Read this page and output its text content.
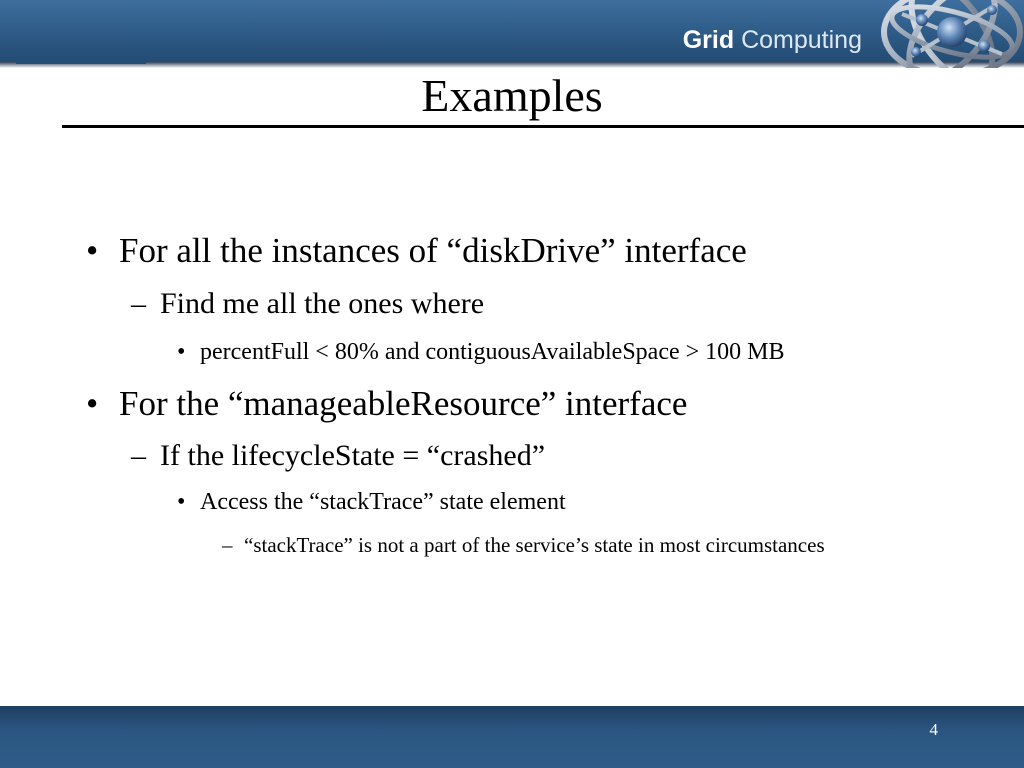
Grid Computing
Examples
• For all the instances of “diskDrive” interface
– Find me all the ones where
• percentFull < 80% and contiguousAvailableSpace > 100 MB
• For the “manageableResource” interface
– If the lifecycleState = “crashed”
• Access the “stackTrace” state element
– “stackTrace” is not a part of the service’s state in most circumstances
4
